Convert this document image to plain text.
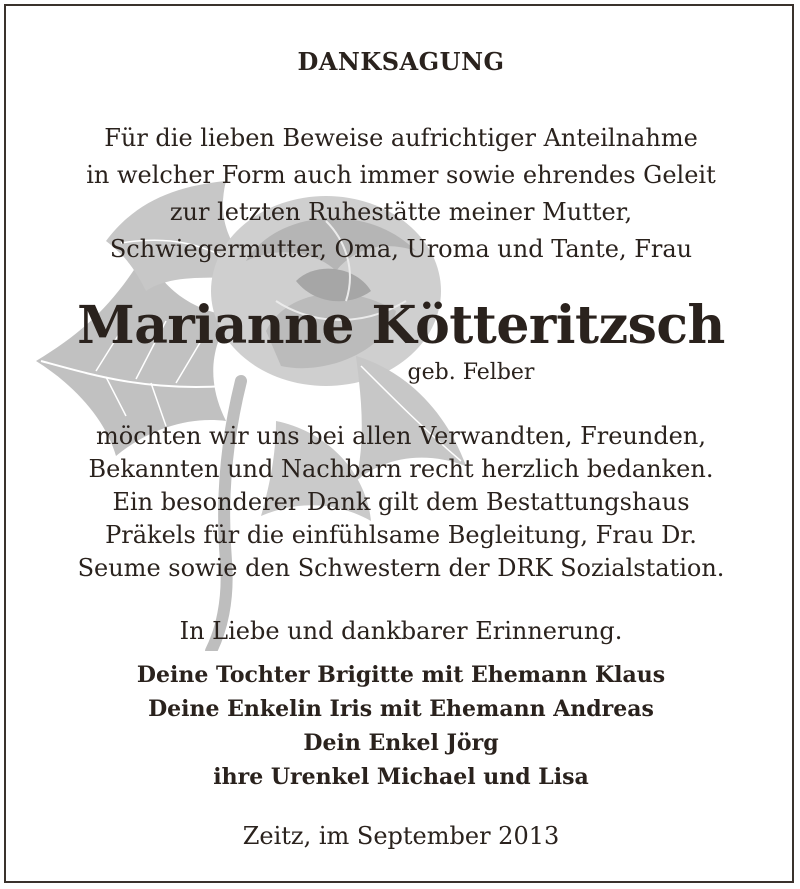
DANKSAGUNG
Für die lieben Beweise aufrichtiger Anteilnahme
in welcher Form auch immer sowie ehrendes Geleit
zur letzten Ruhestätte meiner Mutter,
Schwiegermutter, Oma, Uroma und Tante, Frau
Marianne Kötteritzsch
geb. Felber
möchten wir uns bei allen Verwandten, Freunden,
Bekannten und Nachbarn recht herzlich bedanken.
Ein besonderer Dank gilt dem Bestattungshaus
Präkels für die einfühlsame Begleitung, Frau Dr.
Seume sowie den Schwestern der DRK Sozialstation.
In Liebe und dankbarer Erinnerung.
Deine Tochter Brigitte mit Ehemann Klaus
Deine Enkelin Iris mit Ehemann Andreas
Dein Enkel Jörg
ihre Urenkel Michael und Lisa
Zeitz, im September 2013
